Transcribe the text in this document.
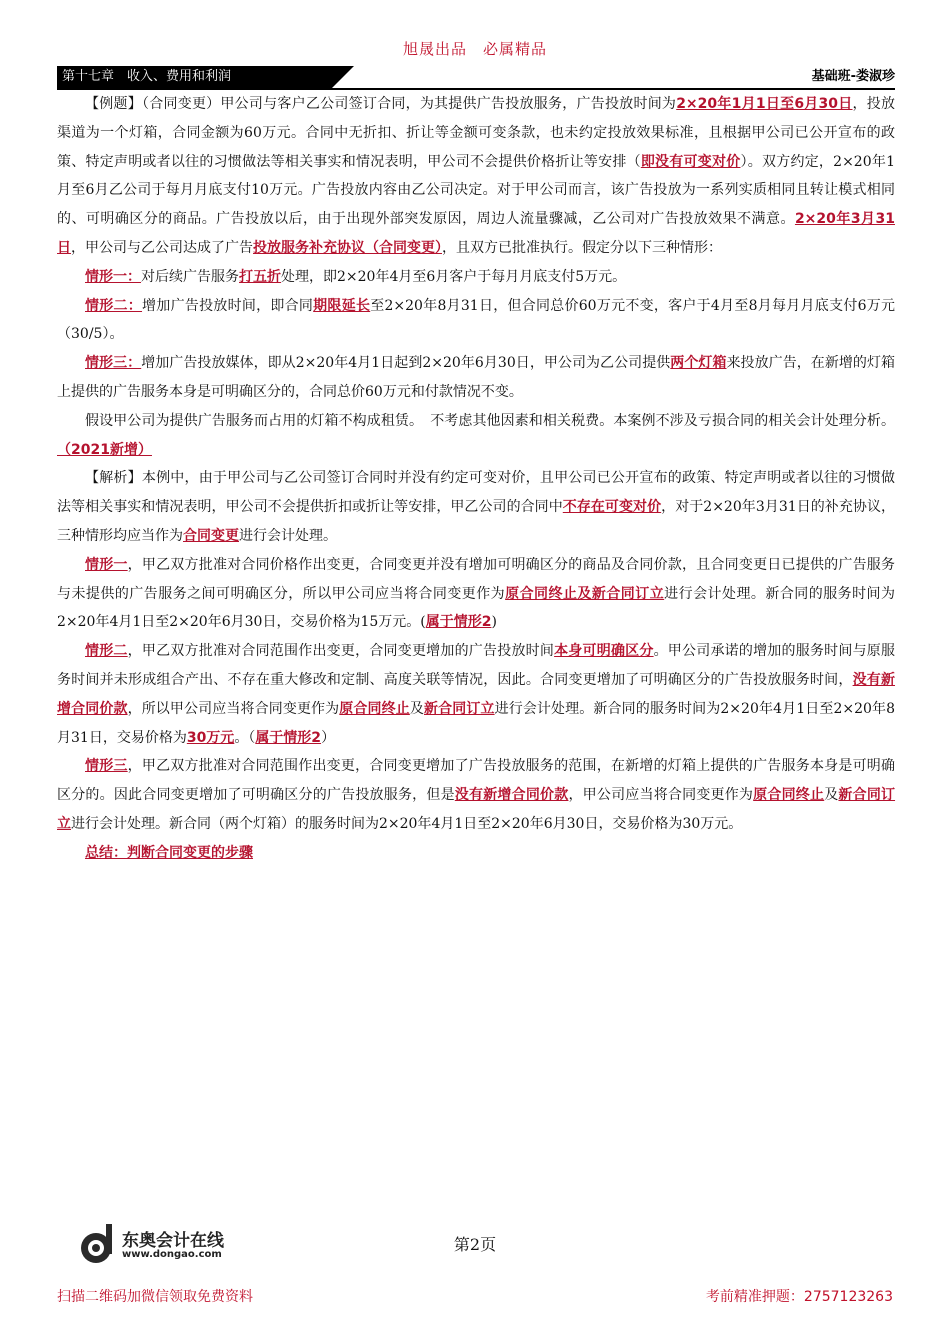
旭晟出品　必属精品
第十七章　收入、费用和利润	基础班-娄淑珍

【例题】（合同变更）甲公司与客户乙公司签订合同，为其提供广告投放服务，广告投放时间为2×20年1月1日至6月30日，投放渠道为一个灯箱，合同金额为60万元。合同中无折扣、折让等金额可变条款，也未约定投放效果标准，且根据甲公司已公开宣布的政策、特定声明或者以往的习惯做法等相关事实和情况表明，甲公司不会提供价格折让等安排（即没有可变对价）。双方约定，2×20年1月至6月乙公司于每月月底支付10万元。广告投放内容由乙公司决定。对于甲公司而言，该广告投放为一系列实质相同且转让模式相同的、可明确区分的商品。广告投放以后，由于出现外部突发原因，周边人流量骤减，乙公司对广告投放效果不满意。2×20年3月31日，甲公司与乙公司达成了广告投放服务补充协议（合同变更），且双方已批准执行。假定分以下三种情形：

情形一：对后续广告服务打五折处理，即2×20年4月至6月客户于每月月底支付5万元。

情形二：增加广告投放时间，即合同期限延长至2×20年8月31日，但合同总价60万元不变，客户于4月至8月每月月底支付6万元（30/5）。

情形三：增加广告投放媒体，即从2×20年4月1日起到2×20年6月30日，甲公司为乙公司提供两个灯箱来投放广告，在新增的灯箱上提供的广告服务本身是可明确区分的，合同总价60万元和付款情况不变。

假设甲公司为提供广告服务而占用的灯箱不构成租赁。　不考虑其他因素和相关税费。本案例不涉及亏损合同的相关会计处理分析。（2021新增）

【解析】本例中，由于甲公司与乙公司签订合同时并没有约定可变对价，且甲公司已公开宣布的政策、特定声明或者以往的习惯做法等相关事实和情况表明，甲公司不会提供折扣或折让等安排，甲乙公司的合同中不存在可变对价，对于2×20年3月31日的补充协议，三种情形均应当作为合同变更进行会计处理。

情形一，甲乙双方批准对合同价格作出变更，合同变更并没有增加可明确区分的商品及合同价款，且合同变更日已提供的广告服务与未提供的广告服务之间可明确区分，所以甲公司应当将合同变更作为原合同终止及新合同订立进行会计处理。新合同的服务时间为2×20年4月1日至2×20年6月30日，交易价格为15万元。(属于情形2)

情形二，甲乙双方批准对合同范围作出变更，合同变更增加的广告投放时间本身可明确区分。甲公司承诺的增加的服务时间与原服务时间并未形成组合产出、不存在重大修改和定制、高度关联等情况，因此。合同变更增加了可明确区分的广告投放服务时间，没有新增合同价款，所以甲公司应当将合同变更作为原合同终止及新合同订立进行会计处理。新合同的服务时间为2×20年4月1日至2×20年8月31日，交易价格为30万元。（属于情形2）

情形三，甲乙双方批准对合同范围作出变更，合同变更增加了广告投放服务的范围，在新增的灯箱上提供的广告服务本身是可明确区分的。因此合同变更增加了可明确区分的广告投放服务，但是没有新增合同价款，甲公司应当将合同变更作为原合同终止及新合同订立进行会计处理。新合同（两个灯箱）的服务时间为2×20年4月1日至2×20年6月30日，交易价格为30万元。

总结：判断合同变更的步骤

东奥会计在线
www.dongao.com
第2页
扫描二维码加微信领取免费资料	考前精准押题：2757123263
